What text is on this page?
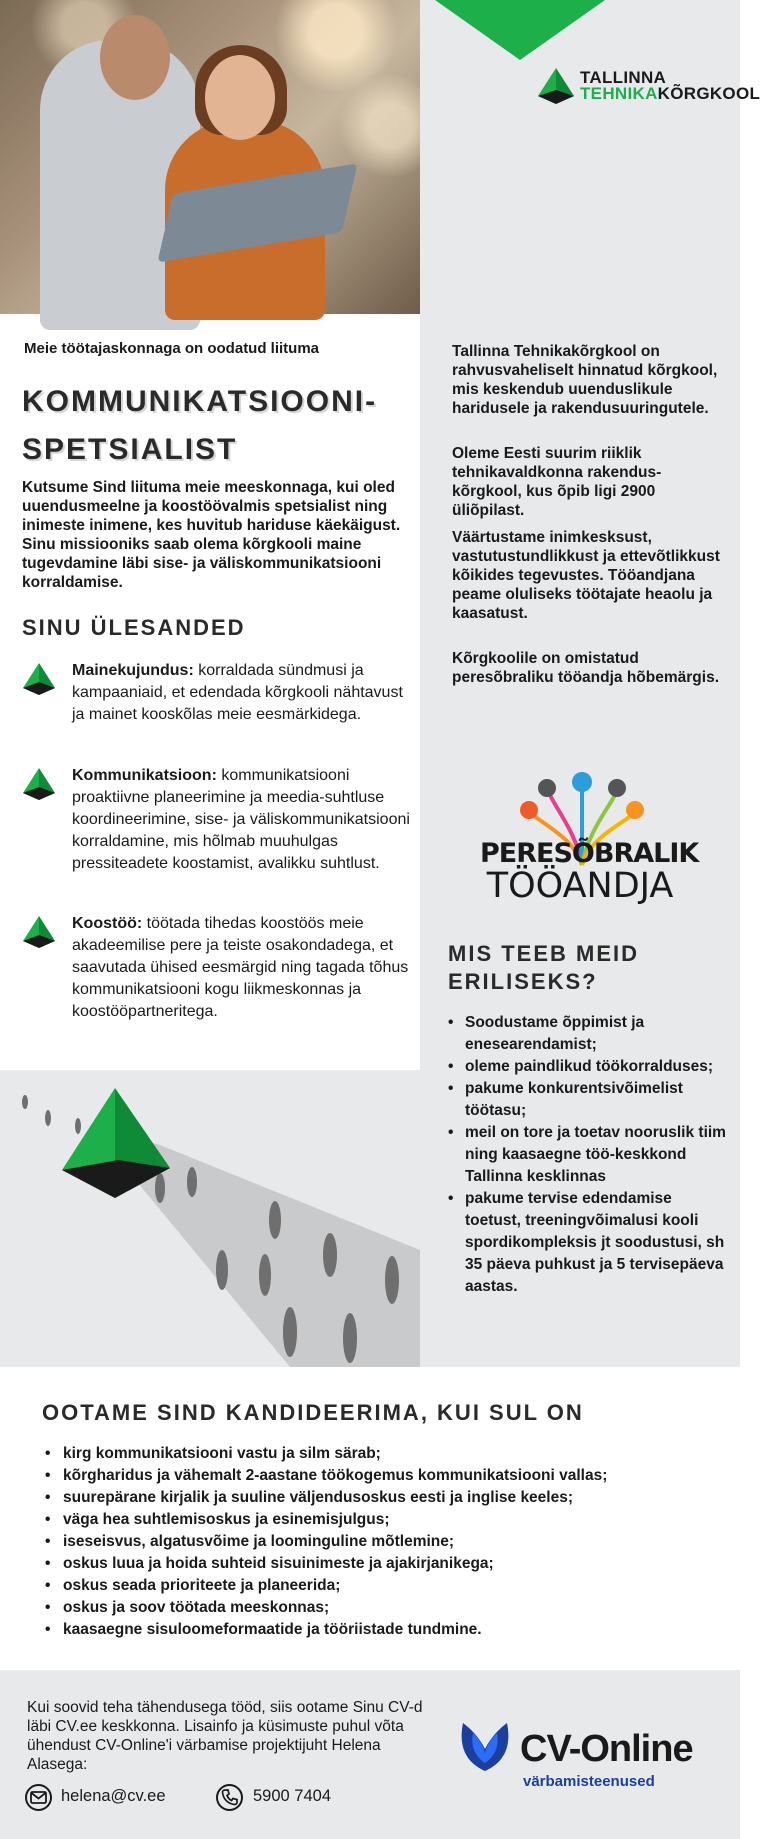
TALLINNA
TEHNIKAKÕRGKOOL
Meie töötajaskonnaga on oodatud liituma
KOMMUNIKATSIOONI-
SPETSIALIST
Kutsume Sind liituma meie meeskonnaga, kui oled uuendusmeelne ja koostöövalmis spetsialist ning inimeste inimene, kes huvitub hariduse käekäigust. Sinu missiooniks saab olema kõrgkooli maine tugevdamine läbi sise- ja väliskommunikatsiooni korraldamise.
SINU ÜLESANDED
Mainekujundus: korraldada sündmusi ja kampaaniaid, et edendada kõrgkooli nähtavust ja mainet kooskõlas meie eesmärkidega.
Kommunikatsioon: kommunikatsiooni proaktiivne planeerimine ja meedia-suhtluse koordineerimine, sise- ja väliskommunikatsiooni korraldamine, mis hõlmab muuhulgas pressiteadete koostamist, avalikku suhtlust.
Koostöö: töötada tihedas koostöös meie akadeemilise pere ja teiste osakondadega, et saavutada ühised eesmärgid ning tagada tõhus kommunikatsiooni kogu liikmeskonnas ja koostööpartneritega.
Tallinna Tehnikakõrgkool on rahvusvaheliselt hinnatud kõrgkool, mis keskendub uuenduslikule haridusele ja rakendusuuringutele.
Oleme Eesti suurim riiklik tehnikavaldkonna rakendus-kõrgkool, kus õpib ligi 2900 üliõpilast.
Väärtustame inimkesksust, vastutustundlikkust ja ettevõtlikkust kõikides tegevustes. Tööandjana peame oluliseks töötajate heaolu ja kaasatust.
Kõrgkoolile on omistatud peresõbraliku tööandja hõbemärgis.
PERESÕBRALIK
TÖÖANDJA
MIS TEEB MEID
ERILISEKS?
• Soodustame õppimist ja enesearendamist;
• oleme paindlikud töökorralduses;
• pakume konkurentsivõimelist töötasu;
• meil on tore ja toetav nooruslik tiim ning kaasaegne töö-keskkond Tallinna kesklinnas
• pakume tervise edendamise toetust, treeningvõimalusi kooli spordikompleksis jt soodustusi, sh 35 päeva puhkust ja 5 tervisepäeva aastas.
OOTAME SIND KANDIDEERIMA, KUI SUL ON
• kirg kommunikatsiooni vastu ja silm särab;
• kõrgharidus ja vähemalt 2-aastane töökogemus kommunikatsiooni vallas;
• suurepärane kirjalik ja suuline väljendusoskus eesti ja inglise keeles;
• väga hea suhtlemisoskus ja esinemisjulgus;
• iseseisvus, algatusvõime ja loominguline mõtlemine;
• oskus luua ja hoida suhteid sisuinimeste ja ajakirjanikega;
• oskus seada prioriteete ja planeerida;
• oskus ja soov töötada meeskonnas;
• kaasaegne sisuloomeformaatide ja tööriistade tundmine.
Kui soovid teha tähendusega tööd, siis ootame Sinu CV-d läbi CV.ee keskkonna. Lisainfo ja küsimuste puhul võta ühendust CV-Online'i värbamise projektijuht Helena Alasega:
helena@cv.ee	5900 7404
CV-Online
värbamisteenused
